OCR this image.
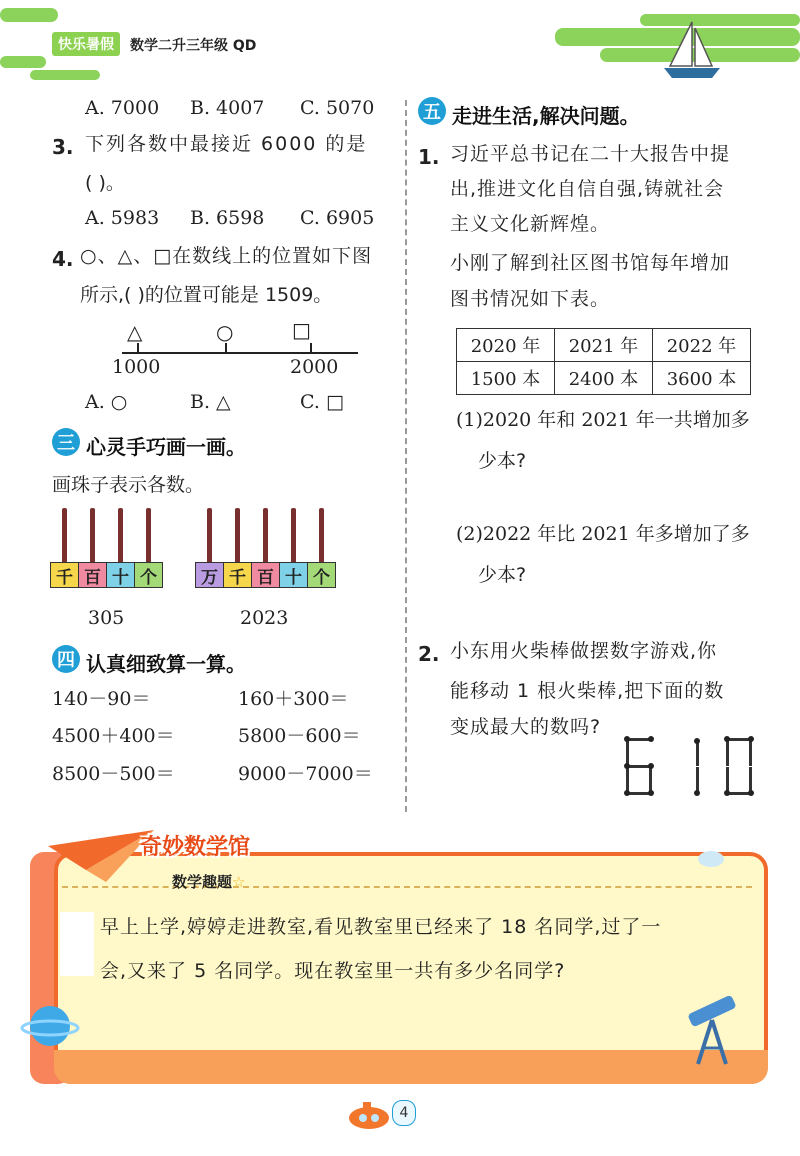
快乐暑假	数学二升三年级 QD
A. 7000 B. 4007 C. 5070
3. 下列各数中最接近 6000 的是
( )。
A. 5983 B. 6598 C. 6905
4. ○、△、□在数线上的位置如下图
所示,( )的位置可能是 1509。
△	○	□
1000	2000
A. ○	B. △	C. □
三 心灵手巧画一画。
画珠子表示各数。
千 百 十 个
305
万 千 百 十 个
2023
四 认真细致算一算。
140－90＝	160＋300＝
4500＋400＝	5800－600＝
8500－500＝	9000－7000＝
五 走进生活,解决问题。
1. 习近平总书记在二十大报告中提
出,推进文化自信自强,铸就社会
主义文化新辉煌。
小刚了解到社区图书馆每年增加
图书情况如下表。
2020 年	2021 年	2022 年
1500 本	2400 本	3600 本
(1)2020 年和 2021 年一共增加多
少本?
(2)2022 年比 2021 年多增加了多
少本?
2. 小东用火柴棒做摆数字游戏,你
能移动 1 根火柴棒,把下面的数
变成最大的数吗?
奇妙数学馆
数学趣题☆
早上上学,婷婷走进教室,看见教室里已经来了 18 名同学,过了一
会,又来了 5 名同学。现在教室里一共有多少名同学?
4
